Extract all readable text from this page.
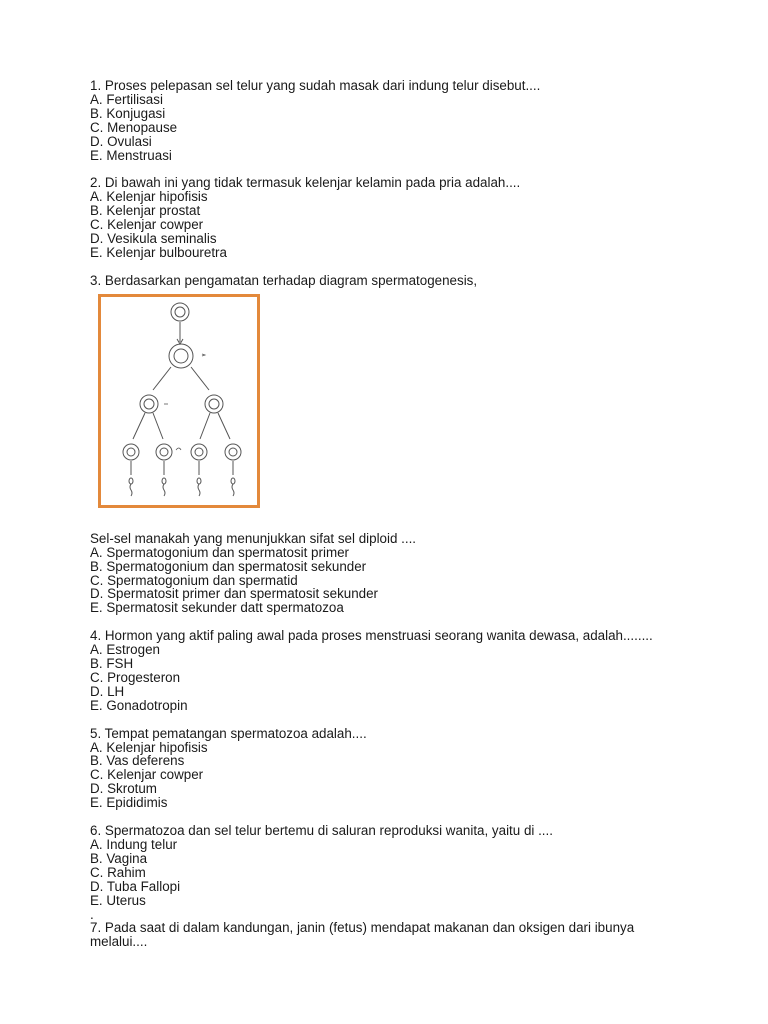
1. Proses pelepasan sel telur yang sudah masak dari indung telur disebut....
A. Fertilisasi
B. Konjugasi
C. Menopause
D. Ovulasi
E. Menstruasi
2. Di bawah ini yang tidak termasuk kelenjar kelamin pada pria adalah....
A. Kelenjar hipofisis
B. Kelenjar prostat
C. Kelenjar cowper
D. Vesikula seminalis
E. Kelenjar bulbouretra
3. Berdasarkan pengamatan terhadap diagram spermatogenesis,
Sel-sel manakah yang menunjukkan sifat sel diploid ....
A. Spermatogonium dan spermatosit primer
B. Spermatogonium dan spermatosit sekunder
C. Spermatogonium dan spermatid
D. Spermatosit primer dan spermatosit sekunder
E. Spermatosit sekunder datt spermatozoa
4. Hormon yang aktif paling awal pada proses menstruasi seorang wanita dewasa, adalah........
A. Estrogen
B. FSH
C. Progesteron
D. LH
E. Gonadotropin
5. Tempat pematangan spermatozoa adalah....
A. Kelenjar hipofisis
B. Vas deferens
C. Kelenjar cowper
D. Skrotum
E. Epididimis
6. Spermatozoa dan sel telur bertemu di saluran reproduksi wanita, yaitu di ....
A. Indung telur
B. Vagina
C. Rahim
D. Tuba Fallopi
E. Uterus
.
7. Pada saat di dalam kandungan, janin (fetus) mendapat makanan dan oksigen dari ibunya
melalui....
